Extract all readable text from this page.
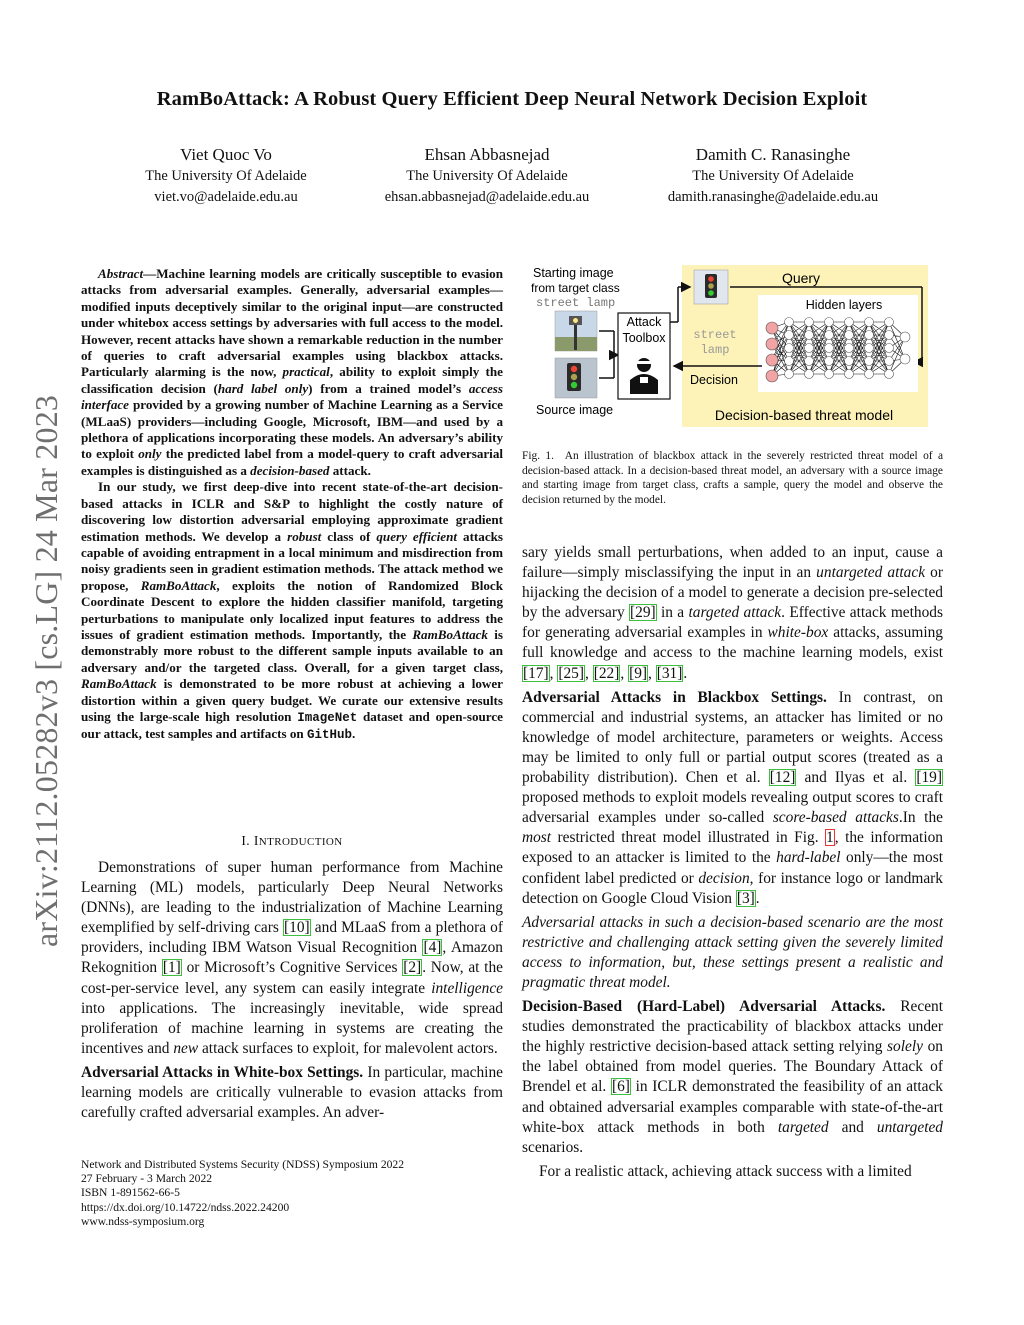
RamBoAttack: A Robust Query Efficient Deep Neural Network Decision Exploit
Viet Quoc Vo
The University Of Adelaide
viet.vo@adelaide.edu.au
Ehsan Abbasnejad
The University Of Adelaide
ehsan.abbasnejad@adelaide.edu.au
Damith C. Ranasinghe
The University Of Adelaide
damith.ranasinghe@adelaide.edu.au
arXiv:2112.05282v3 [cs.LG] 24 Mar 2023

Abstract—Machine learning models are critically susceptible to evasion attacks from adversarial examples. Generally, adversarial examples—modified inputs deceptively similar to the original input—are constructed under whitebox access settings by adversaries with full access to the model. However, recent attacks have shown a remarkable reduction in the number of queries to craft adversarial examples using blackbox attacks. Particularly alarming is the now, practical, ability to exploit simply the classification decision (hard label only) from a trained model’s access interface provided by a growing number of Machine Learning as a Service (MLaaS) providers—including Google, Microsoft, IBM—and used by a plethora of applications incorporating these models. An adversary’s ability to exploit only the predicted label from a model-query to craft adversarial examples is distinguished as a decision-based attack.

In our study, we first deep-dive into recent state-of-the-art decision-based attacks in ICLR and S&P to highlight the costly nature of discovering low distortion adversarial employing approximate gradient estimation methods. We develop a robust class of query efficient attacks capable of avoiding entrapment in a local minimum and misdirection from noisy gradients seen in gradient estimation methods. The attack method we propose, RamBoAttack, exploits the notion of Randomized Block Coordinate Descent to explore the hidden classifier manifold, targeting perturbations to manipulate only localized input features to address the issues of gradient estimation methods. Importantly, the RamBoAttack is demonstrably more robust to the different sample inputs available to an adversary and/or the targeted class. Overall, for a given target class, RamBoAttack is demonstrated to be more robust at achieving a lower distortion within a given query budget. We curate our extensive results using the large-scale high resolution ImageNet dataset and open-source our attack, test samples and artifacts on GitHub.

I. INTRODUCTION

Demonstrations of super human performance from Machine Learning (ML) models, particularly Deep Neural Networks (DNNs), are leading to the industrialization of Machine Learning exemplified by self-driving cars [10] and MLaaS from a plethora of providers, including IBM Watson Visual Recognition [4], Amazon Rekognition [1] or Microsoft’s Cognitive Services [2]. Now, at the cost-per-service level, any system can easily integrate intelligence into applications. The increasingly inevitable, wide spread proliferation of machine learning in systems are creating the incentives and new attack surfaces to exploit, for malevolent actors.

Adversarial Attacks in White-box Settings. In particular, machine learning models are critically vulnerable to evasion attacks from carefully crafted adversarial examples. An adver-

Network and Distributed Systems Security (NDSS) Symposium 2022
27 February - 3 March 2022
ISBN 1-891562-66-5
https://dx.doi.org/10.14722/ndss.2022.24200
www.ndss-symposium.org
Starting image
from target class
street lamp
Source image
Attack
Toolbox
Query
Hidden layers
street
lamp
Decision
Decision-based threat model
Fig. 1. An illustration of blackbox attack in the severely restricted threat model of a decision-based attack. In a decision-based threat model, an adversary with a source image and starting image from target class, crafts a sample, query the model and observe the decision returned by the model.

sary yields small perturbations, when added to an input, cause a failure—simply misclassifying the input in an untargeted attack or hijacking the decision of a model to generate a decision pre-selected by the adversary [29] in a targeted attack. Effective attack methods for generating adversarial examples in white-box attacks, assuming full knowledge and access to the machine learning models, exist [17], [25], [22], [9], [31].

Adversarial Attacks in Blackbox Settings. In contrast, on commercial and industrial systems, an attacker has limited or no knowledge of model architecture, parameters or weights. Access may be limited to only full or partial output scores (treated as a probability distribution). Chen et al. [12] and Ilyas et al. [19] proposed methods to exploit models revealing output scores to craft adversarial examples under so-called score-based attacks.In the most restricted threat model illustrated in Fig. 1, the information exposed to an attacker is limited to the hard-label only—the most confident label predicted or decision, for instance logo or landmark detection on Google Cloud Vision [3].

Adversarial attacks in such a decision-based scenario are the most restrictive and challenging attack setting given the severely limited access to information, but, these settings present a realistic and pragmatic threat model.

Decision-Based (Hard-Label) Adversarial Attacks. Recent studies demonstrated the practicability of blackbox attacks under the highly restrictive decision-based attack setting relying solely on the label obtained from model queries. The Boundary Attack of Brendel et al. [6] in ICLR demonstrated the feasibility of an attack and obtained adversarial examples comparable with state-of-the-art white-box attack methods in both targeted and untargeted scenarios.

For a realistic attack, achieving attack success with a limited
